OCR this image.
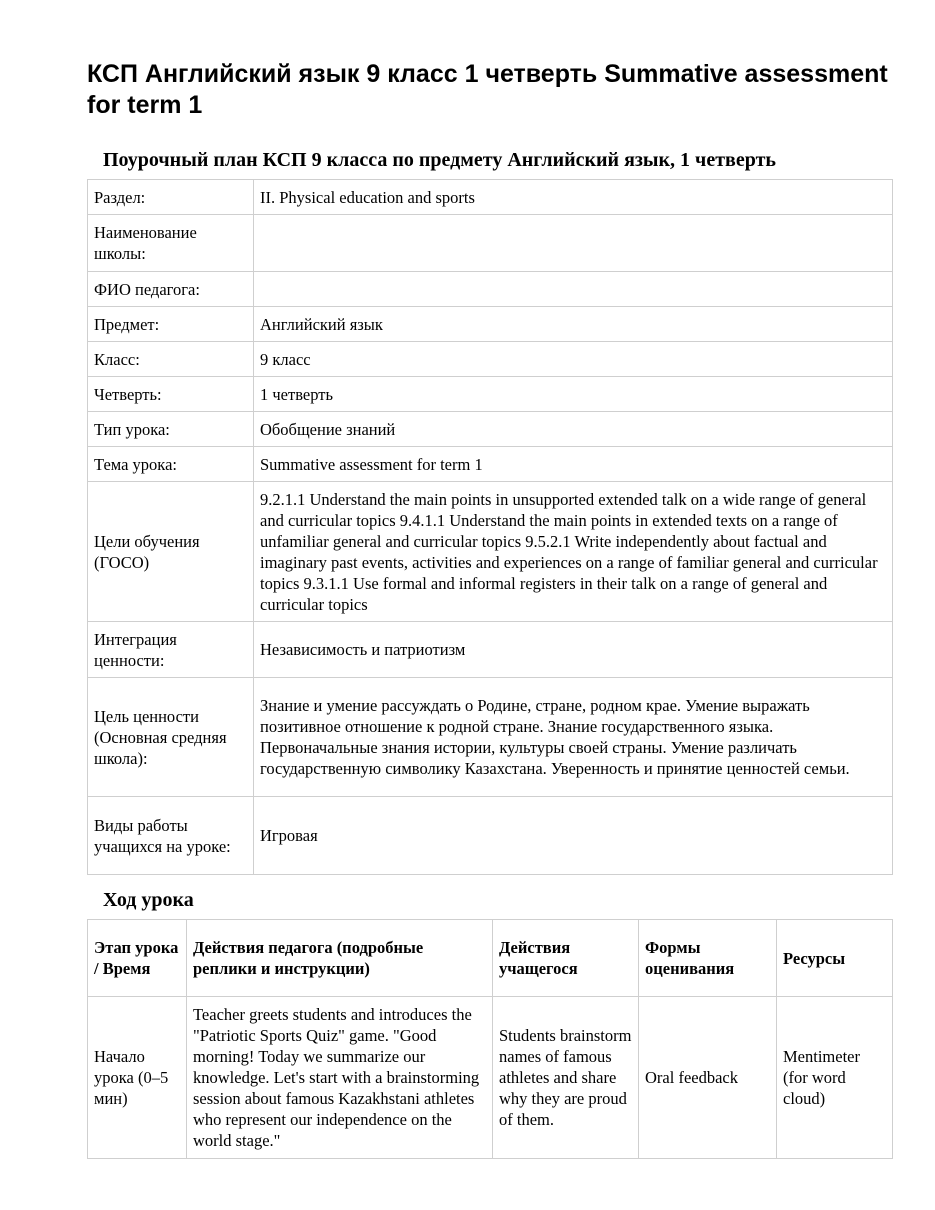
КСП Английский язык 9 класс 1 четверть Summative assessment for term 1
Поурочный план КСП 9 класса по предмету Английский язык, 1 четверть
Раздел:	II. Physical education and sports
Наименование школы:	
ФИО педагога:	
Предмет:	Английский язык
Класс:	9 класс
Четверть:	1 четверть
Тип урока:	Обобщение знаний
Тема урока:	Summative assessment for term 1
Цели обучения (ГОСО)	9.2.1.1 Understand the main points in unsupported extended talk on a wide range of general and curricular topics 9.4.1.1 Understand the main points in extended texts on a range of unfamiliar general and curricular topics 9.5.2.1 Write independently about factual and imaginary past events, activities and experiences on a range of familiar general and curricular topics 9.3.1.1 Use formal and informal registers in their talk on a range of general and curricular topics
Интеграция ценности:	Независимость и патриотизм
Цель ценности (Основная средняя школа):	Знание и умение рассуждать о Родине, стране, родном крае. Умение выражать позитивное отношение к родной стране. Знание государственного языка. Первоначальные знания истории, культуры своей страны. Умение различать государственную символику Казахстана. Уверенность и принятие ценностей семьи.
Виды работы учащихся на уроке:	Игровая
Ход урока
Этап урока / Время	Действия педагога (подробные реплики и инструкции)	Действия учащегося	Формы оценивания	Ресурсы
Начало урока (0–5 мин)	Teacher greets students and introduces the "Patriotic Sports Quiz" game. "Good morning! Today we summarize our knowledge. Let's start with a brainstorming session about famous Kazakhstani athletes who represent our independence on the world stage."	Students brainstorm names of famous athletes and share why they are proud of them.	Oral feedback	Mentimeter (for word cloud)
